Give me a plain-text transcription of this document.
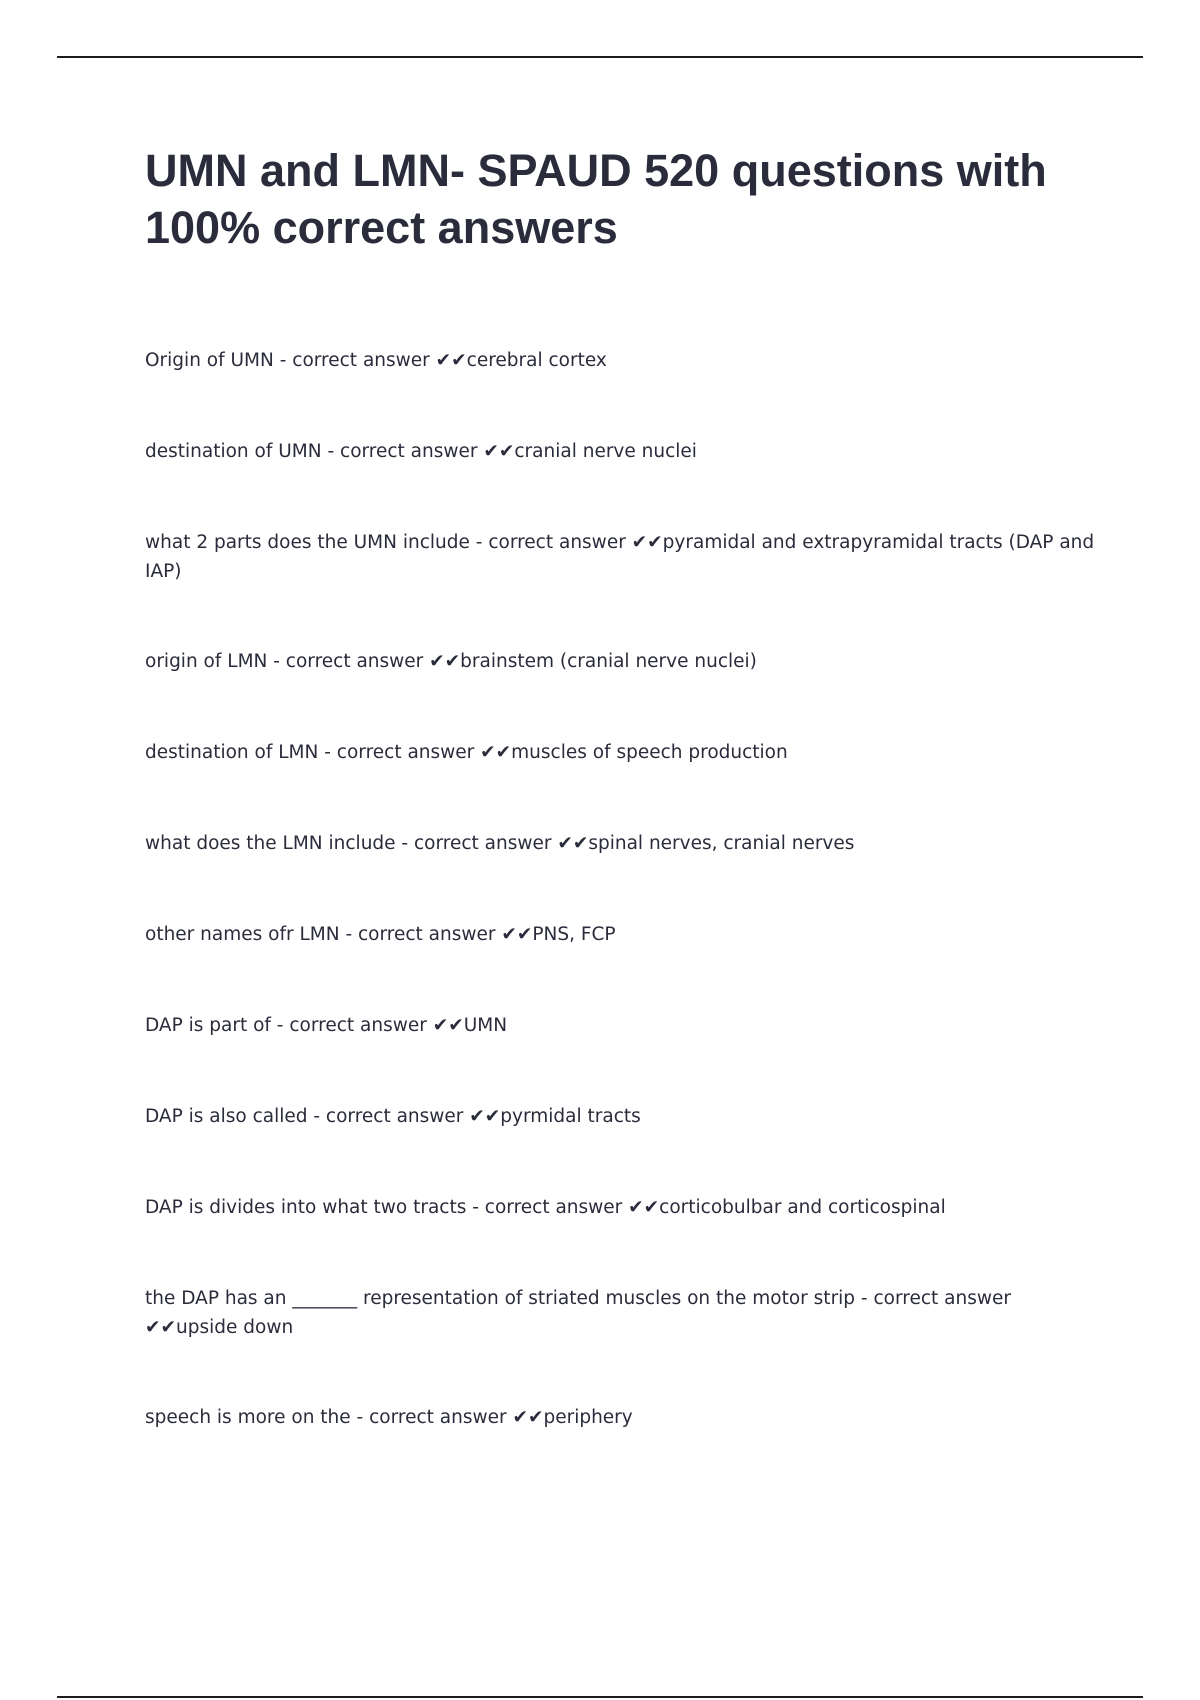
UMN and LMN- SPAUD 520 questions with 100% correct answers
Origin of UMN - correct answer ✔✔cerebral cortex
destination of UMN - correct answer ✔✔cranial nerve nuclei
what 2 parts does the UMN include - correct answer ✔✔pyramidal and extrapyramidal tracts (DAP and IAP)
origin of LMN - correct answer ✔✔brainstem (cranial nerve nuclei)
destination of LMN - correct answer ✔✔muscles of speech production
what does the LMN include - correct answer ✔✔spinal nerves, cranial nerves
other names ofr LMN - correct answer ✔✔PNS, FCP
DAP is part of - correct answer ✔✔UMN
DAP is also called - correct answer ✔✔pyrmidal tracts
DAP is divides into what two tracts - correct answer ✔✔corticobulbar and corticospinal
the DAP has an _______ representation of striated muscles on the motor strip - correct answer ✔✔upside down
speech is more on the - correct answer ✔✔periphery
